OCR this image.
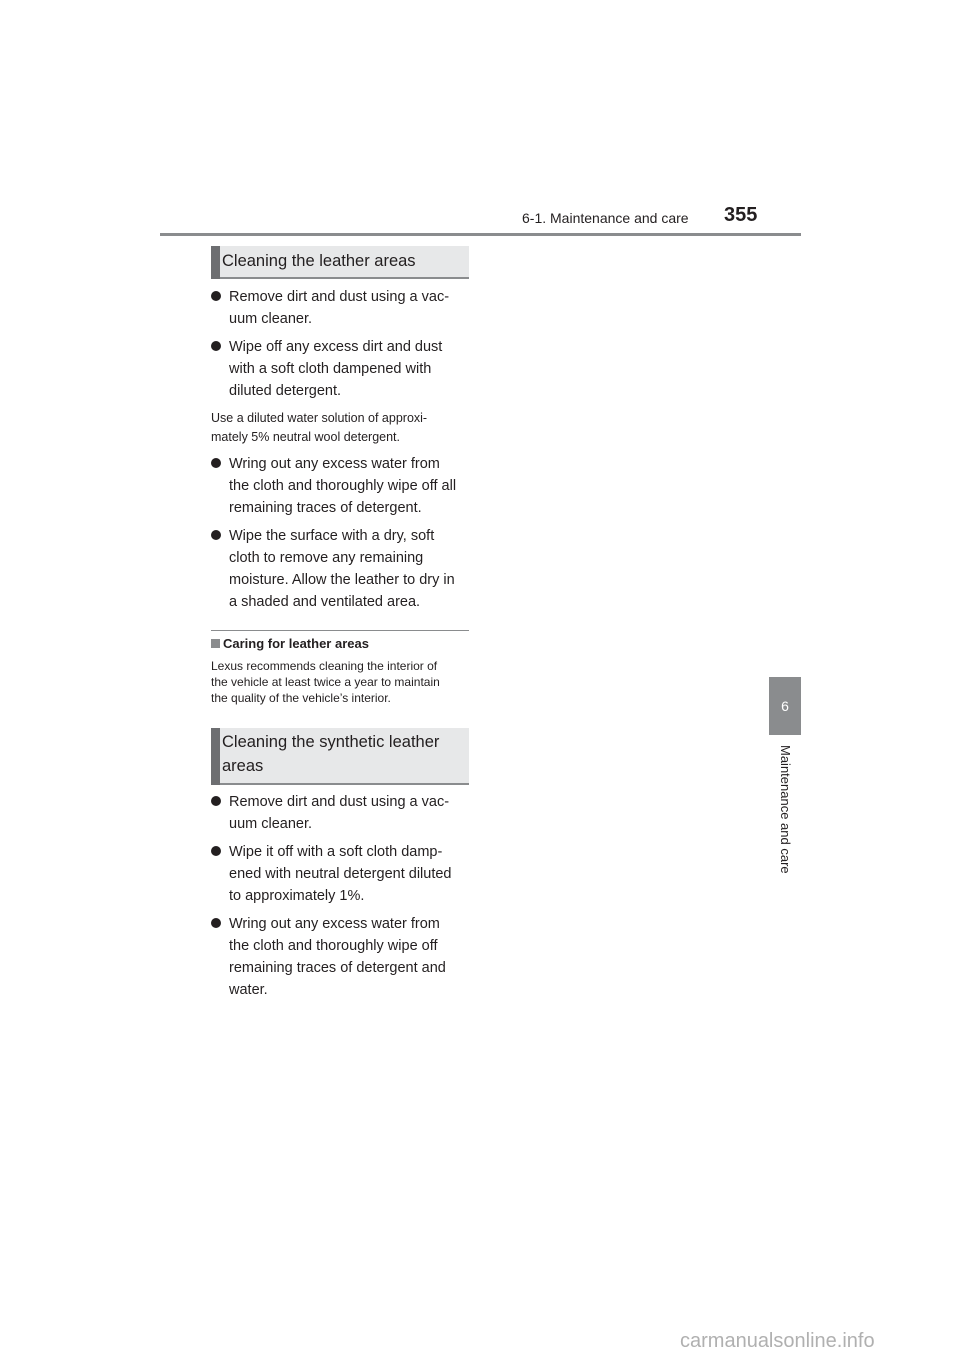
6-1. Maintenance and care 355
6
Maintenance and care
Cleaning the leather areas
Remove dirt and dust using a vac-
uum cleaner.
Wipe off any excess dirt and dust
with a soft cloth dampened with
diluted detergent.
Use a diluted water solution of approxi-
mately 5% neutral wool detergent.
Wring out any excess water from
the cloth and thoroughly wipe off all
remaining traces of detergent.
Wipe the surface with a dry, soft
cloth to remove any remaining
moisture. Allow the leather to dry in
a shaded and ventilated area.
Caring for leather areas
Lexus recommends cleaning the interior of
the vehicle at least twice a year to maintain
the quality of the vehicle’s interior.
Cleaning the synthetic leather
areas
Remove dirt and dust using a vac-
uum cleaner.
Wipe it off with a soft cloth damp-
ened with neutral detergent diluted
to approximately 1%.
Wring out any excess water from
the cloth and thoroughly wipe off
remaining traces of detergent and
water.
carmanualsonline.info
